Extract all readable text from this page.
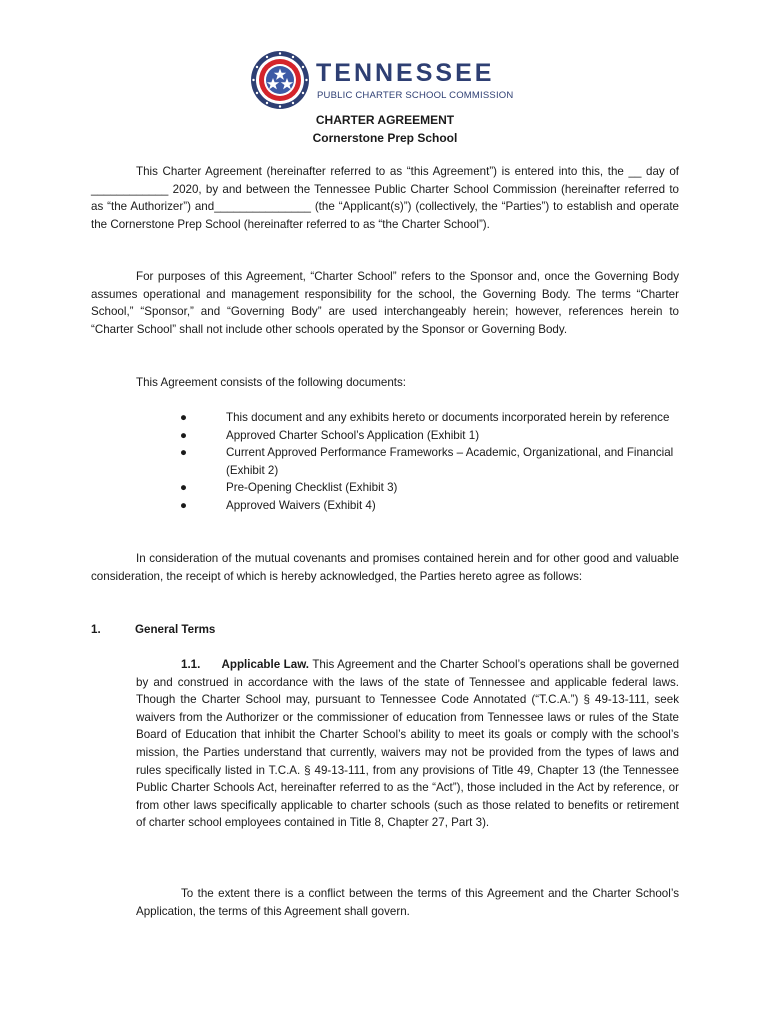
TENNESSEE
PUBLIC CHARTER SCHOOL COMMISSION
CHARTER AGREEMENT
Cornerstone Prep School

This Charter Agreement (hereinafter referred to as “this Agreement”) is entered into this, the __ day of ____________ 2020, by and between the Tennessee Public Charter School Commission (hereinafter referred to as “the Authorizer”) and_______________ (the “Applicant(s)”) (collectively, the “Parties”) to establish and operate the Cornerstone Prep School (hereinafter referred to as “the Charter School”).

For purposes of this Agreement, “Charter School” refers to the Sponsor and, once the Governing Body assumes operational and management responsibility for the school, the Governing Body. The terms “Charter School,” “Sponsor,” and “Governing Body” are used interchangeably herein; however, references herein to “Charter School” shall not include other schools operated by the Sponsor or Governing Body.

This Agreement consists of the following documents:

●	This document and any exhibits hereto or documents incorporated herein by reference
●	Approved Charter School’s Application (Exhibit 1)
●	Current Approved Performance Frameworks – Academic, Organizational, and Financial (Exhibit 2)
●	Pre-Opening Checklist (Exhibit 3)
●	Approved Waivers (Exhibit 4)

In consideration of the mutual covenants and promises contained herein and for other good and valuable consideration, the receipt of which is hereby acknowledged, the Parties hereto agree as follows:

1.	General Terms

1.1. Applicable Law. This Agreement and the Charter School’s operations shall be governed by and construed in accordance with the laws of the state of Tennessee and applicable federal laws. Though the Charter School may, pursuant to Tennessee Code Annotated (“T.C.A.”) § 49-13-111, seek waivers from the Authorizer or the commissioner of education from Tennessee laws or rules of the State Board of Education that inhibit the Charter School’s ability to meet its goals or comply with the school’s mission, the Parties understand that currently, waivers may not be provided from the types of laws and rules specifically listed in T.C.A. § 49-13-111, from any provisions of Title 49, Chapter 13 (the Tennessee Public Charter Schools Act, hereinafter referred to as the “Act”), those included in the Act by reference, or from other laws specifically applicable to charter schools (such as those related to benefits or retirement of charter school employees contained in Title 8, Chapter 27, Part 3).

To the extent there is a conflict between the terms of this Agreement and the Charter School’s Application, the terms of this Agreement shall govern.
